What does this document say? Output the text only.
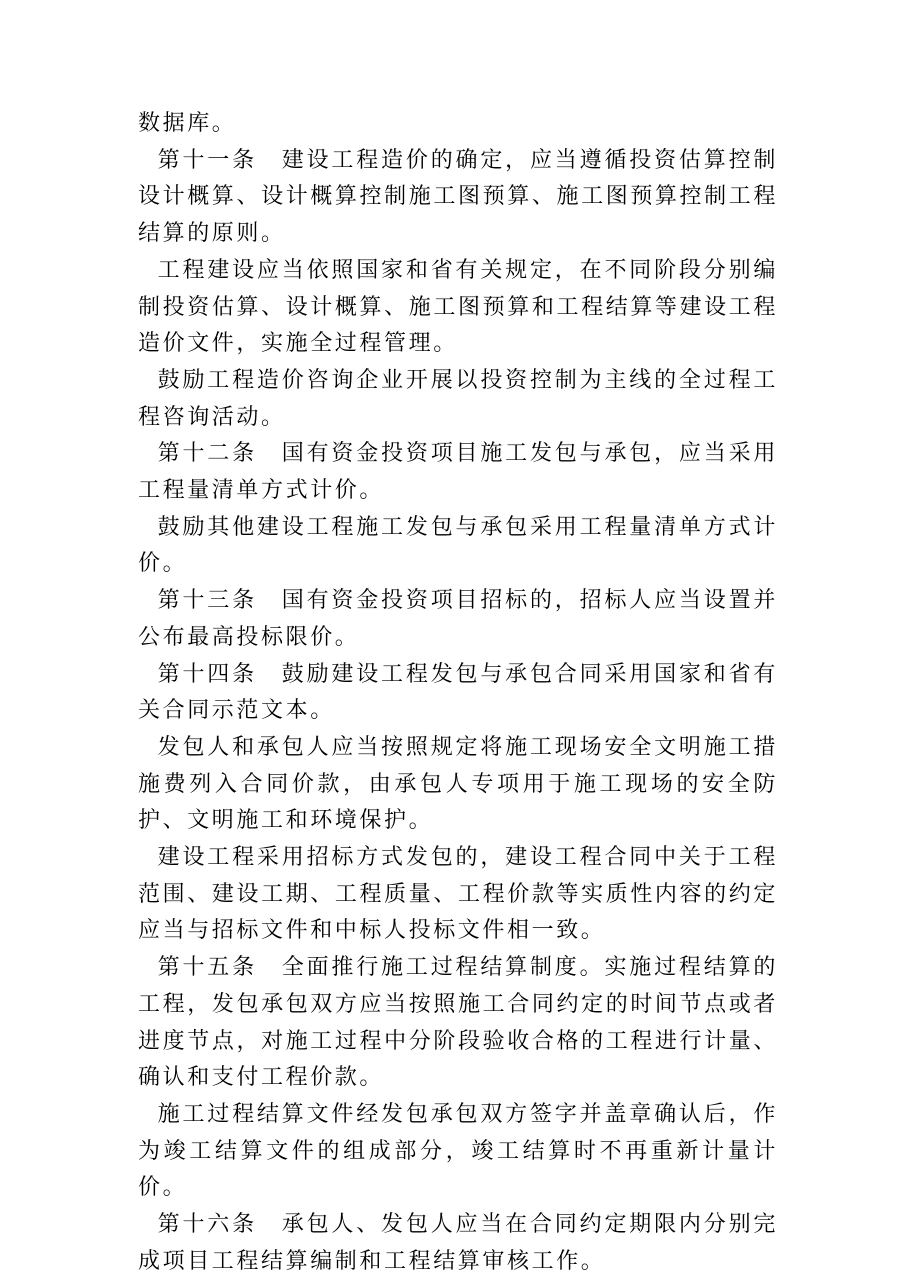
数据库。

第十一条　建设工程造价的确定，应当遵循投资估算控制设计概算、设计概算控制施工图预算、施工图预算控制工程结算的原则。

工程建设应当依照国家和省有关规定，在不同阶段分别编制投资估算、设计概算、施工图预算和工程结算等建设工程造价文件，实施全过程管理。

鼓励工程造价咨询企业开展以投资控制为主线的全过程工程咨询活动。

第十二条　国有资金投资项目施工发包与承包，应当采用工程量清单方式计价。

鼓励其他建设工程施工发包与承包采用工程量清单方式计价。

第十三条　国有资金投资项目招标的，招标人应当设置并公布最高投标限价。

第十四条　鼓励建设工程发包与承包合同采用国家和省有关合同示范文本。

发包人和承包人应当按照规定将施工现场安全文明施工措施费列入合同价款，由承包人专项用于施工现场的安全防护、文明施工和环境保护。

建设工程采用招标方式发包的，建设工程合同中关于工程范围、建设工期、工程质量、工程价款等实质性内容的约定应当与招标文件和中标人投标文件相一致。

第十五条　全面推行施工过程结算制度。实施过程结算的工程，发包承包双方应当按照施工合同约定的时间节点或者进度节点，对施工过程中分阶段验收合格的工程进行计量、确认和支付工程价款。

施工过程结算文件经发包承包双方签字并盖章确认后，作为竣工结算文件的组成部分，竣工结算时不再重新计量计价。

第十六条　承包人、发包人应当在合同约定期限内分别完成项目工程结算编制和工程结算审核工作。
